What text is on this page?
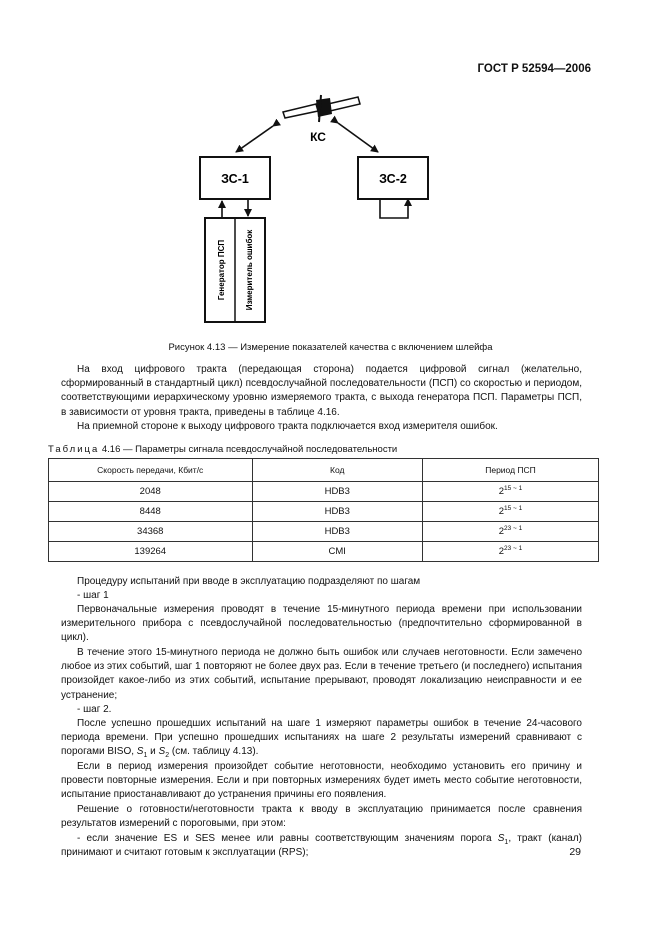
ГОСТ Р 52594—2006
КС
ЗС-1	ЗС-2
Генератор ПСП Измеритель ошибок
Рисунок 4.13 — Измерение показателей качества с включением шлейфа
На вход цифрового тракта (передающая сторона) подается цифровой сигнал (желательно, сформированный в стандартный цикл) псевдослучайной последовательности (ПСП) со скоростью и периодом, соответствующими иерархическому уровню измеряемого тракта, с выхода генератора ПСП. Параметры ПСП, в зависимости от уровня тракта, приведены в таблице 4.16.
На приемной стороне к выходу цифрового тракта подключается вход измерителя ошибок.
Таблица 4.16 — Параметры сигнала псевдослучайной последовательности
Скорость передачи, Кбит/с	Код	Период ПСП
2048	HDB3	$2^{15}$ $^{\sim 1}$
8448	HDB3	$2^{15}$ $^{\sim 1}$
34368	HDB3	$2^{23}$ $^{\sim 1}$
139264	CMI	$2^{23}$ $^{\sim 1}$
Процедуру испытаний при вводе в эксплуатацию подразделяют по шагам
- шаг 1
Первоначальные измерения проводят в течение 15-минутного периода времени при использовании измерительного прибора с псевдослучайной последовательностью (предпочтительно сформированной в цикл).
В течение этого 15-минутного периода не должно быть ошибок или случаев неготовности. Если замечено любое из этих событий, шаг 1 повторяют не более двух раз. Если в течение третьего (и последнего) испытания произойдет какое-либо из этих событий, испытание прерывают, проводят локализацию неисправности и ее устранение;
- шаг 2.
После успешно прошедших испытаний на шаге 1 измеряют параметры ошибок в течение 24-часового периода времени. При успешно прошедших испытаниях на шаге 2 результаты измерений сравнивают с порогами BISO, $S_1$ и $S_2$ (см. таблицу 4.13).
Если в период измерения произойдет событие неготовности, необходимо установить его причину и провести повторные измерения. Если и при повторных измерениях будет иметь место событие неготовности, испытание приостанавливают до устранения причины его появления.
Решение о готовности/неготовности тракта к вводу в эксплуатацию принимается после сравнения результатов измерений с пороговыми, при этом:
- если значение ES и SES менее или равны соответствующим значениям порога $S_1$, тракт (канал) принимают и считают готовым к эксплуатации (RPS);	29
